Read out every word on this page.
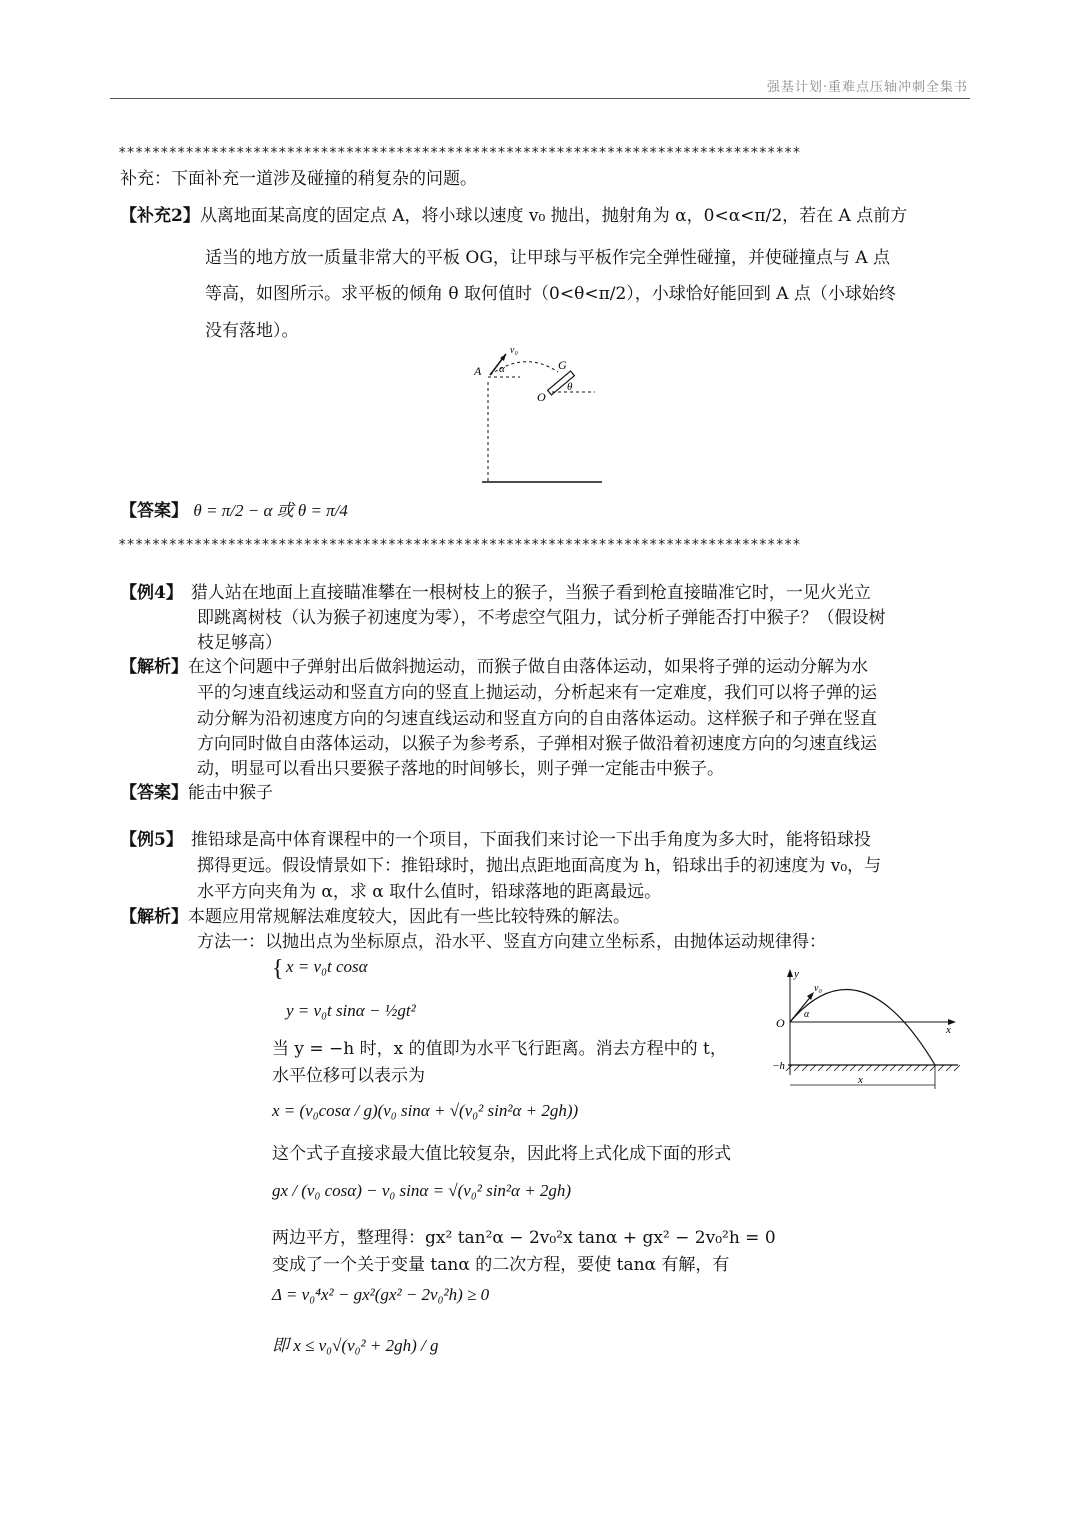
强基计划·重难点压轴冲刺全集书
*********************************************************************************
补充：下面补充一道涉及碰撞的稍复杂的问题。
【补充2】从离地面某高度的固定点 A，将小球以速度 v₀ 抛出，抛射角为 α，0<α<π/2，若在 A 点前方
适当的地方放一质量非常大的平板 OG，让甲球与平板作完全弹性碰撞，并使碰撞点与 A 点
等高，如图所示。求平板的倾角 θ 取何值时（0<θ<π/2），小球恰好能回到 A 点（小球始终
没有落地）。
A α
v₀
G
O
θ
【答案】 θ = π/2 − α 或 θ = π/4
*********************************************************************************
【例4】 猎人站在地面上直接瞄准攀在一根树枝上的猴子，当猴子看到枪直接瞄准它时，一见火光立
即跳离树枝（认为猴子初速度为零），不考虑空气阻力，试分析子弹能否打中猴子？（假设树
枝足够高）
【解析】在这个问题中子弹射出后做斜抛运动，而猴子做自由落体运动，如果将子弹的运动分解为水
平的匀速直线运动和竖直方向的竖直上抛运动，分析起来有一定难度，我们可以将子弹的运
动分解为沿初速度方向的匀速直线运动和竖直方向的自由落体运动。这样猴子和子弹在竖直
方向同时做自由落体运动，以猴子为参考系，子弹相对猴子做沿着初速度方向的匀速直线运
动，明显可以看出只要猴子落地的时间够长，则子弹一定能击中猴子。
【答案】能击中猴子
【例5】 推铅球是高中体育课程中的一个项目，下面我们来讨论一下出手角度为多大时，能将铅球投
掷得更远。假设情景如下：推铅球时，抛出点距地面高度为 h，铅球出手的初速度为 v₀，与
水平方向夹角为 α，求 α 取什么值时，铅球落地的距离最远。
【解析】本题应用常规解法难度较大，因此有一些比较特殊的解法。
方法一：以抛出点为坐标原点，沿水平、竖直方向建立坐标系，由抛体运动规律得：
{ x = v₀t cosα
y = v₀t sinα − ½gt²
当 y = −h 时，x 的值即为水平飞行距离。消去方程中的 t，
水平位移可以表示为
x = (v₀cosα / g)(v₀ sinα + √(v₀² sin²α + 2gh))
这个式子直接求最大值比较复杂，因此将上式化成下面的形式
gx / (v₀ cosα) − v₀ sinα = √(v₀² sin²α + 2gh)
两边平方，整理得：gx² tan²α − 2v₀²x tanα + gx² − 2v₀²h = 0
变成了一个关于变量 tanα 的二次方程，要使 tanα 有解，有
Δ = v₀⁴x² − gx²(gx² − 2v₀²h) ≥ 0
即 x ≤ v₀√(v₀² + 2gh) / g
y
v₀
α
O	x
−h
x
